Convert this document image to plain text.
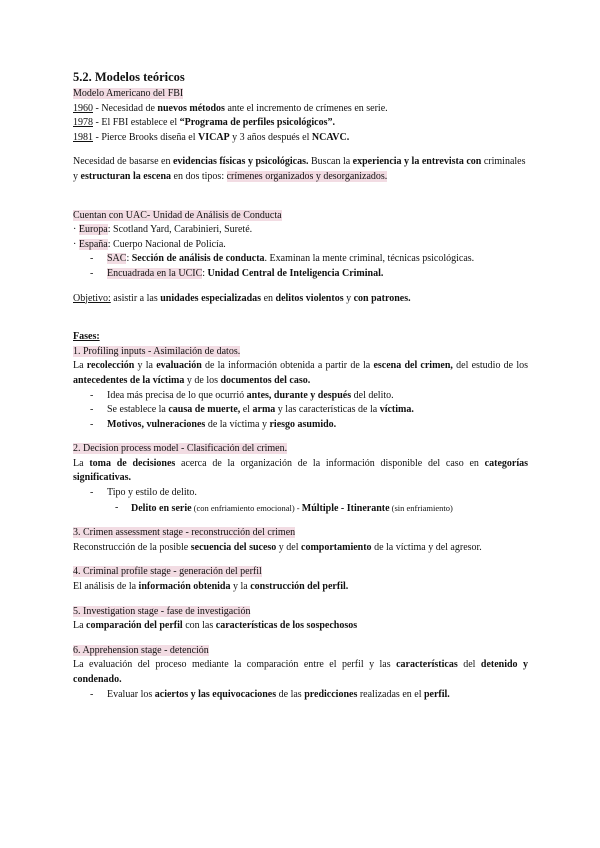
5.2. Modelos teóricos

Modelo Americano del FBI

1960 - Necesidad de nuevos métodos ante el incremento de crímenes en serie.

1978 - El FBI establece el “Programa de perfiles psicológicos”.

1981 - Pierce Brooks diseña el VICAP y 3 años después el NCAVC.

Necesidad de basarse en evidencias físicas y psicológicas. Buscan la experiencia y la entrevista con criminales y estructuran la escena en dos tipos: crímenes organizados y desorganizados.

Cuentan con UAC- Unidad de Análisis de Conducta

· Europa: Scotland Yard, Carabinieri, Sureté.

· España: Cuerpo Nacional de Policía.

- SAC: Sección de análisis de conducta. Examinan la mente criminal, técnicas psicológicas.
- Encuadrada en la UCIC: Unidad Central de Inteligencia Criminal.

Objetivo: asistir a las unidades especializadas en delitos violentos y con patrones.

Fases:

1. Profiling inputs - Asimilación de datos.

La recolección y la evaluación de la información obtenida a partir de la escena del crimen, del estudio de los antecedentes de la víctima y de los documentos del caso.

- Idea más precisa de lo que ocurrió antes, durante y después del delito.
- Se establece la causa de muerte, el arma y las características de la víctima.
- Motivos, vulneraciones de la víctima y riesgo asumido.

2. Decision process model - Clasificación del crimen.

La toma de decisiones acerca de la organización de la información disponible del caso en categorías significativas.

- Tipo y estilo de delito.
- Delito en serie (con enfriamiento emocional) - Múltiple - Itinerante (sin enfriamiento)

3. Crimen assessment stage - reconstrucción del crimen

Reconstrucción de la posible secuencia del suceso y del comportamiento de la víctima y del agresor.

4. Criminal profile stage - generación del perfil

El análisis de la información obtenida y la construcción del perfil.

5. Investigation stage - fase de investigación

La comparación del perfil con las características de los sospechosos

6. Apprehension stage - detención

La evaluación del proceso mediante la comparación entre el perfil y las características del detenido y condenado.

- Evaluar los aciertos y las equivocaciones de las predicciones realizadas en el perfil.
